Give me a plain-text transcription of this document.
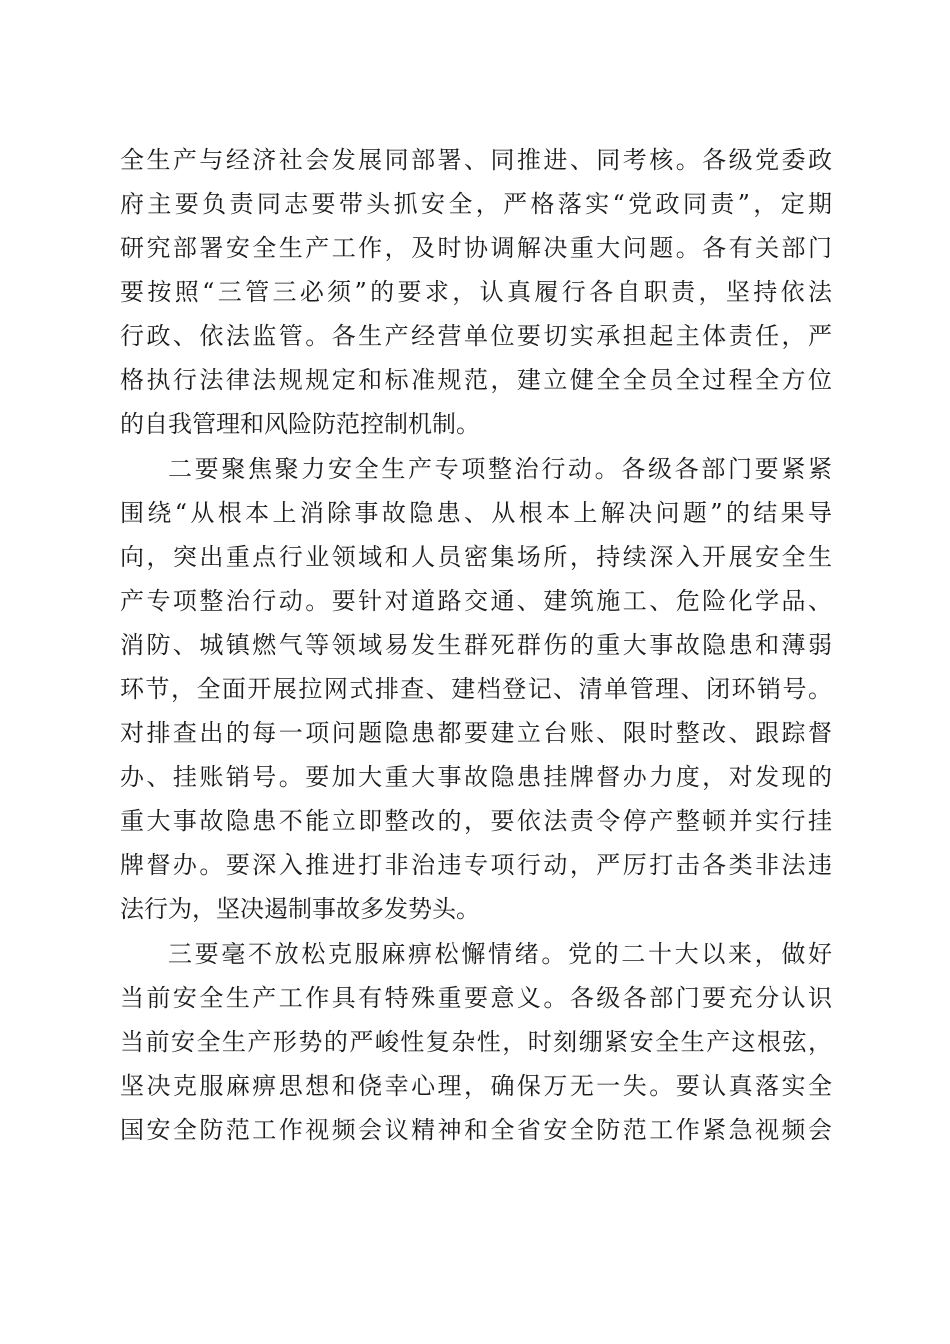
全生产与经济社会发展同部署、同推进、同考核。各级党委政
府主要负责同志要带头抓安全，严格落实“党政同责”，定期
研究部署安全生产工作，及时协调解决重大问题。各有关部门
要按照“三管三必须”的要求，认真履行各自职责，坚持依法
行政、依法监管。各生产经营单位要切实承担起主体责任，严
格执行法律法规规定和标准规范，建立健全全员全过程全方位
的自我管理和风险防范控制机制。
二要聚焦聚力安全生产专项整治行动。各级各部门要紧紧
围绕“从根本上消除事故隐患、从根本上解决问题”的结果导
向，突出重点行业领域和人员密集场所，持续深入开展安全生
产专项整治行动。要针对道路交通、建筑施工、危险化学品、
消防、城镇燃气等领域易发生群死群伤的重大事故隐患和薄弱
环节，全面开展拉网式排查、建档登记、清单管理、闭环销号。
对排查出的每一项问题隐患都要建立台账、限时整改、跟踪督
办、挂账销号。要加大重大事故隐患挂牌督办力度，对发现的
重大事故隐患不能立即整改的，要依法责令停产整顿并实行挂
牌督办。要深入推进打非治违专项行动，严厉打击各类非法违
法行为，坚决遏制事故多发势头。
三要毫不放松克服麻痹松懈情绪。党的二十大以来，做好
当前安全生产工作具有特殊重要意义。各级各部门要充分认识
当前安全生产形势的严峻性复杂性，时刻绷紧安全生产这根弦，
坚决克服麻痹思想和侥幸心理，确保万无一失。要认真落实全
国安全防范工作视频会议精神和全省安全防范工作紧急视频会
